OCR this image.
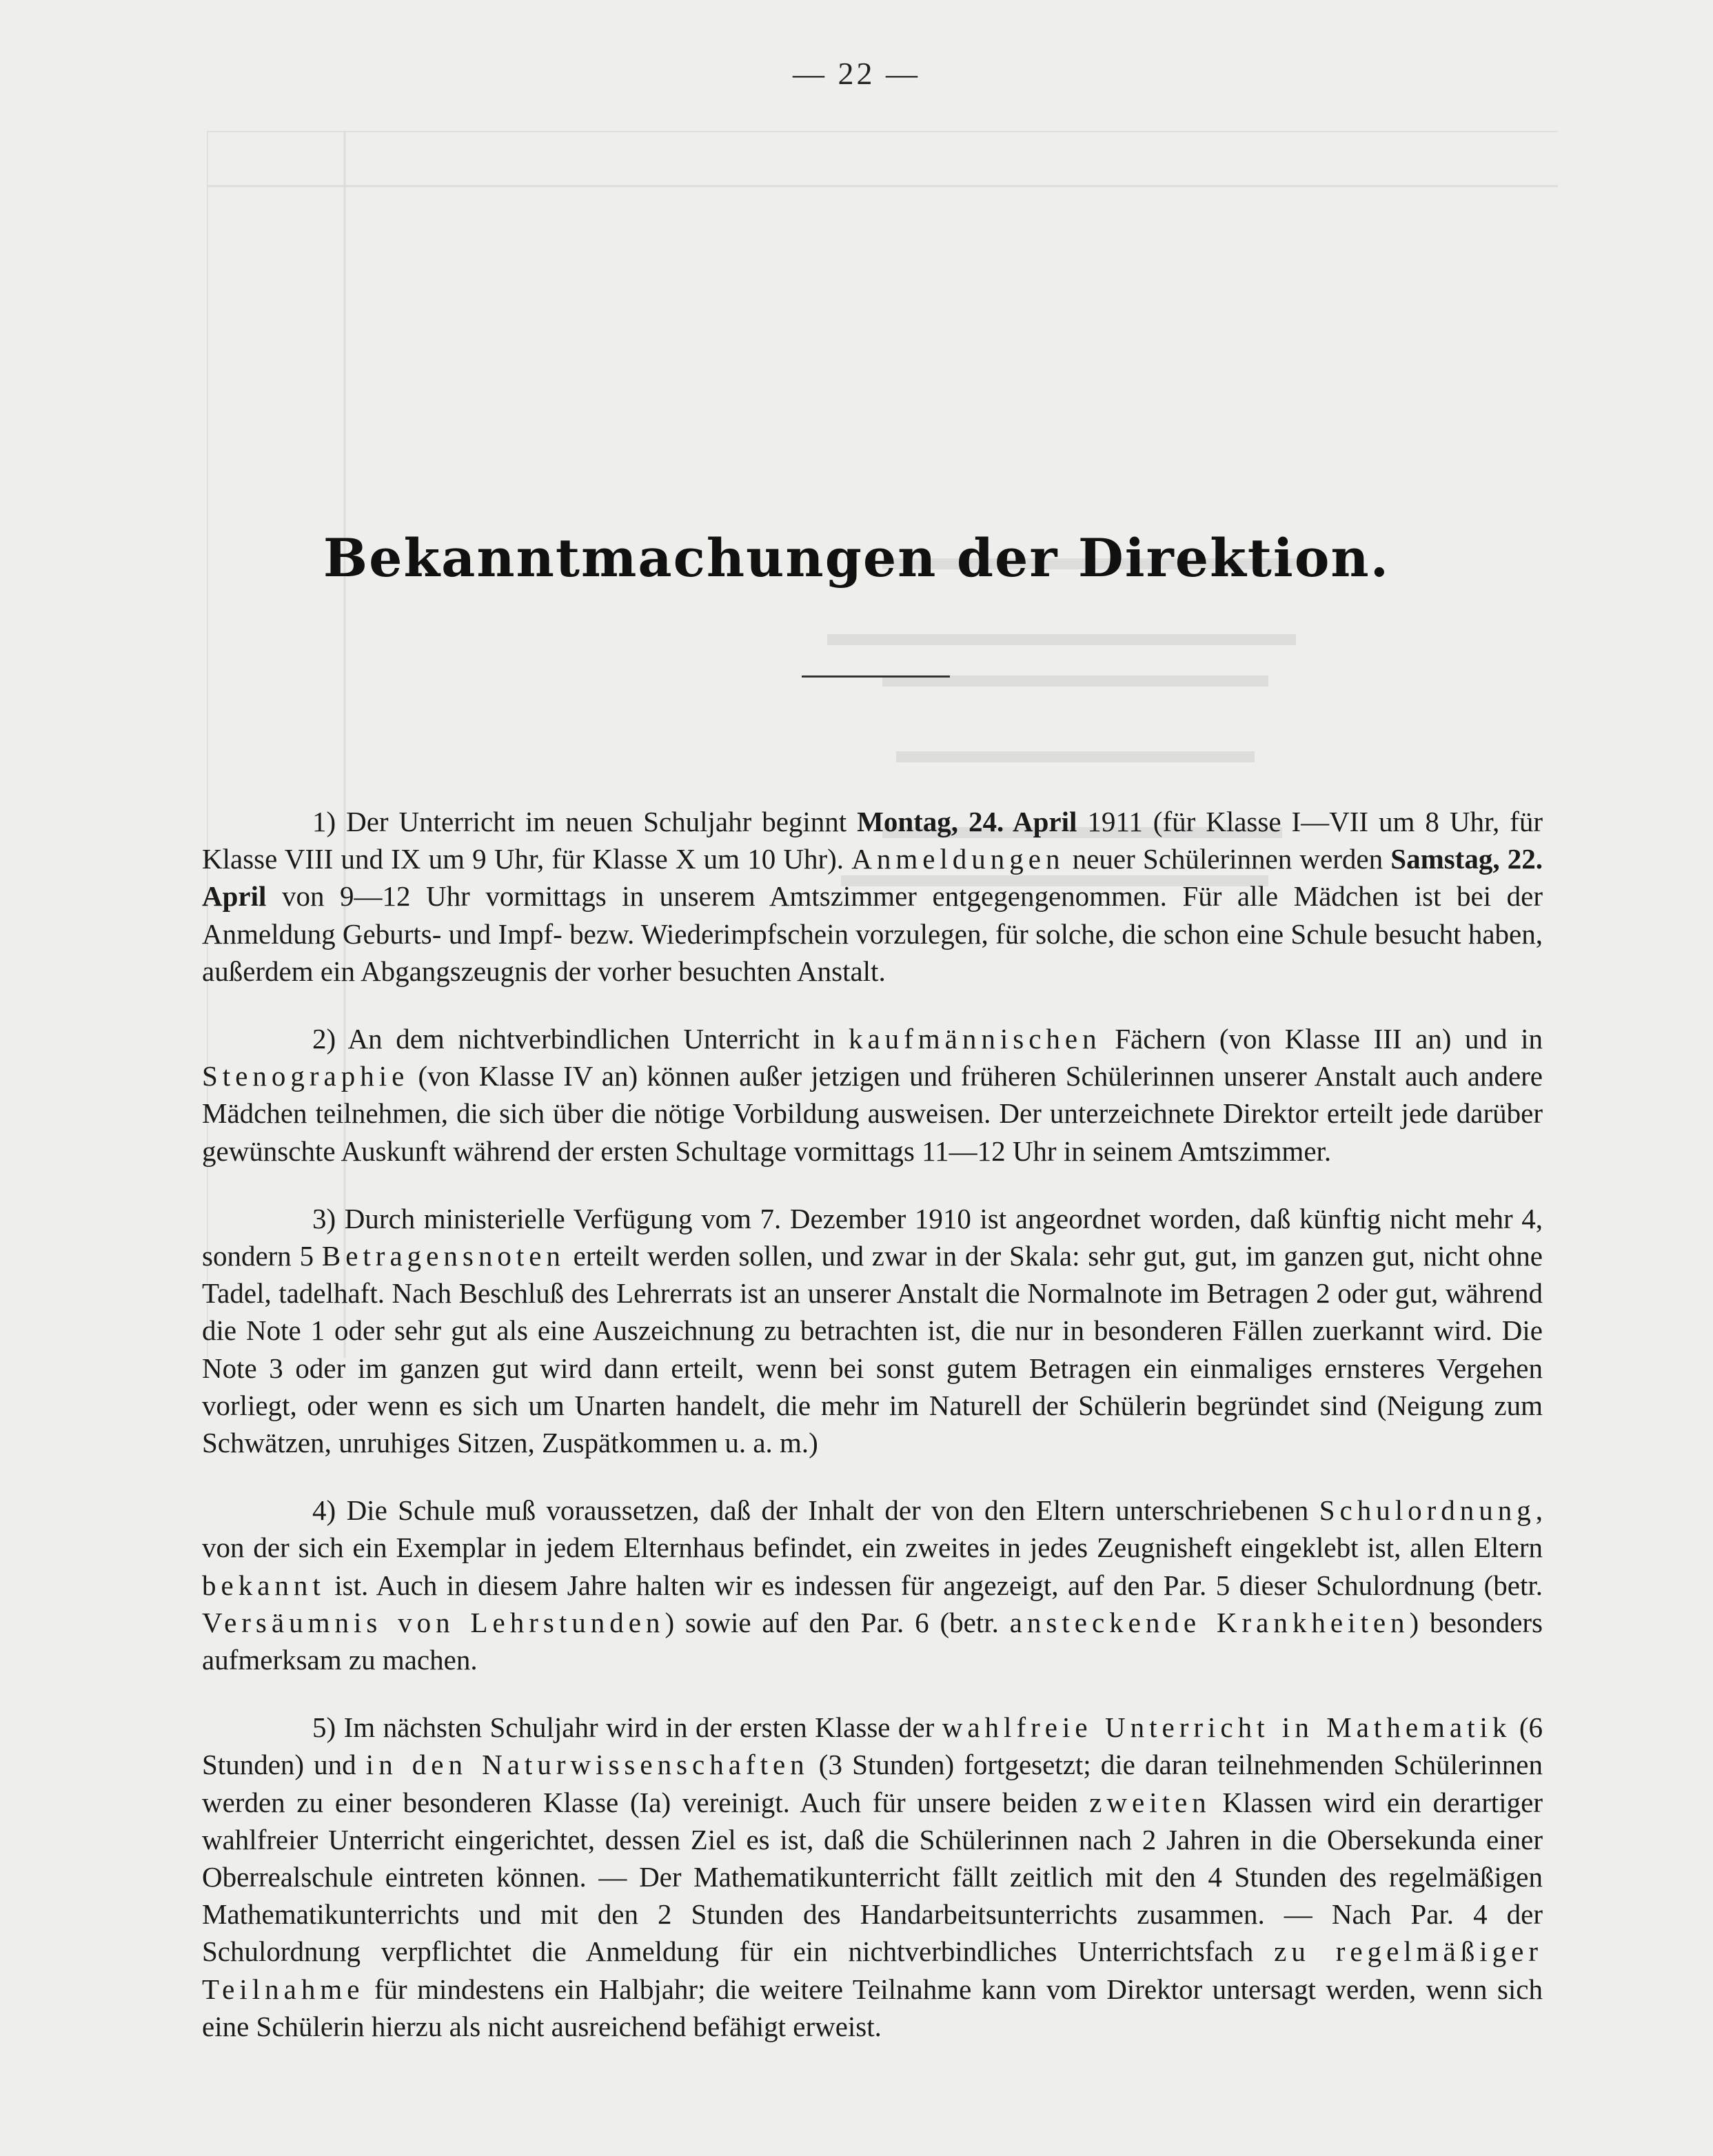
— 22 —
Bekanntmachungen der Direktion.

1) Der Unterricht im neuen Schuljahr beginnt Montag, 24. April 1911 (für Klasse I—VII um 8 Uhr, für Klasse VIII und IX um 9 Uhr, für Klasse X um 10 Uhr). Anmeldungen neuer Schülerinnen werden Samstag, 22. April von 9—12 Uhr vormittags in unserem Amtszimmer entgegengenommen. Für alle Mädchen ist bei der Anmeldung Geburts- und Impf- bezw. Wiederimpfschein vorzulegen, für solche, die schon eine Schule besucht haben, außerdem ein Abgangszeugnis der vorher besuchten Anstalt.

2) An dem nichtverbindlichen Unterricht in kaufmännischen Fächern (von Klasse III an) und in Stenographie (von Klasse IV an) können außer jetzigen und früheren Schülerinnen unserer Anstalt auch andere Mädchen teilnehmen, die sich über die nötige Vorbildung ausweisen. Der unterzeichnete Direktor erteilt jede darüber gewünschte Auskunft während der ersten Schultage vormittags 11—12 Uhr in seinem Amtszimmer.

3) Durch ministerielle Verfügung vom 7. Dezember 1910 ist angeordnet worden, daß künftig nicht mehr 4, sondern 5 Betragensnoten erteilt werden sollen, und zwar in der Skala: sehr gut, gut, im ganzen gut, nicht ohne Tadel, tadelhaft. Nach Beschluß des Lehrerrats ist an unserer Anstalt die Normalnote im Betragen 2 oder gut, während die Note 1 oder sehr gut als eine Auszeichnung zu betrachten ist, die nur in besonderen Fällen zuerkannt wird. Die Note 3 oder im ganzen gut wird dann erteilt, wenn bei sonst gutem Betragen ein einmaliges ernsteres Vergehen vorliegt, oder wenn es sich um Unarten handelt, die mehr im Naturell der Schülerin begründet sind (Neigung zum Schwätzen, unruhiges Sitzen, Zuspätkommen u. a. m.)

4) Die Schule muß voraussetzen, daß der Inhalt der von den Eltern unterschriebenen Schulordnung, von der sich ein Exemplar in jedem Elternhaus befindet, ein zweites in jedes Zeugnisheft eingeklebt ist, allen Eltern bekannt ist. Auch in diesem Jahre halten wir es indessen für angezeigt, auf den Par. 5 dieser Schulordnung (betr. Versäumnis von Lehrstunden) sowie auf den Par. 6 (betr. ansteckende Krankheiten) besonders aufmerksam zu machen.

5) Im nächsten Schuljahr wird in der ersten Klasse der wahlfreie Unterricht in Mathematik (6 Stunden) und in den Naturwissenschaften (3 Stunden) fortgesetzt; die daran teilnehmenden Schülerinnen werden zu einer besonderen Klasse (Ia) vereinigt. Auch für unsere beiden zweiten Klassen wird ein derartiger wahlfreier Unterricht eingerichtet, dessen Ziel es ist, daß die Schülerinnen nach 2 Jahren in die Obersekunda einer Oberrealschule eintreten können. — Der Mathematikunterricht fällt zeitlich mit den 4 Stunden des regelmäßigen Mathematikunterrichts und mit den 2 Stunden des Handarbeitsunterrichts zusammen. — Nach Par. 4 der Schulordnung verpflichtet die Anmeldung für ein nichtverbindliches Unterrichtsfach zu regelmäßiger Teilnahme für mindestens ein Halbjahr; die weitere Teilnahme kann vom Direktor untersagt werden, wenn sich eine Schülerin hierzu als nicht ausreichend befähigt erweist.
